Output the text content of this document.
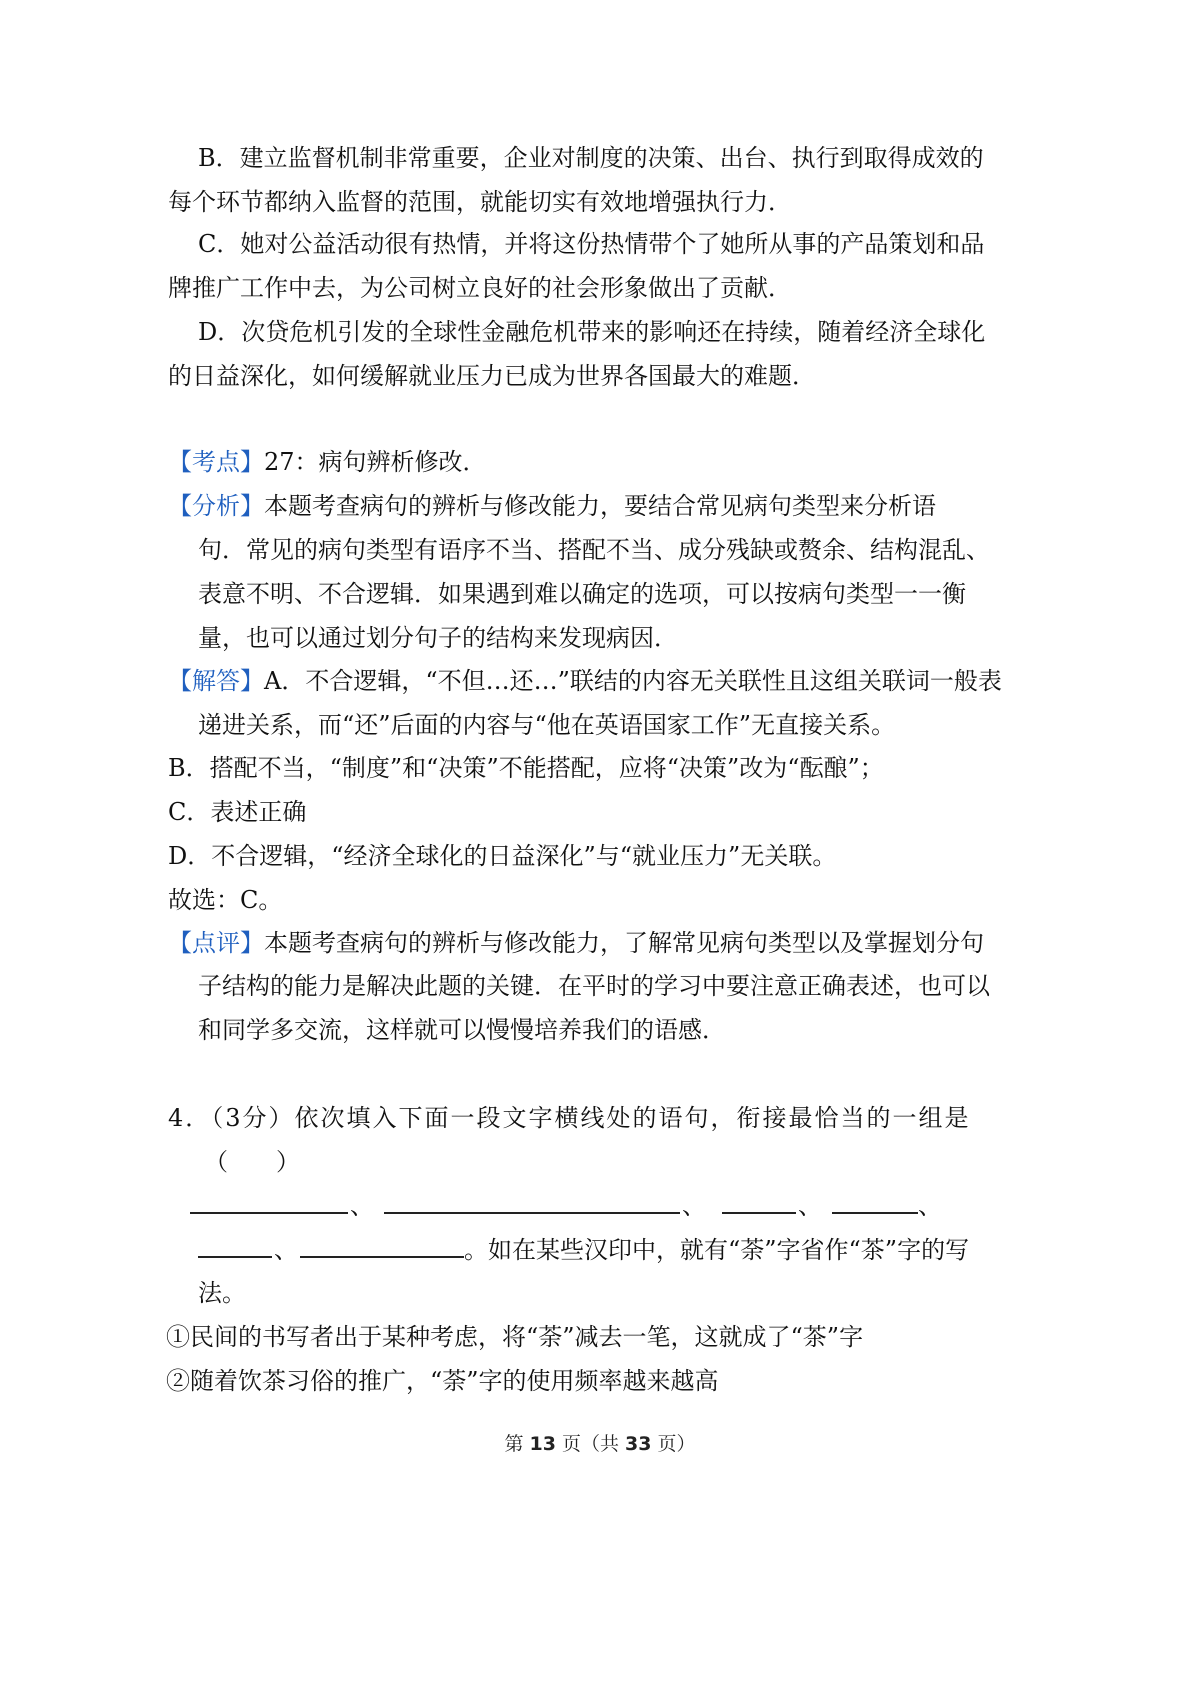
B．建立监督机制非常重要，企业对制度的决策、出台、执行到取得成效的
每个环节都纳入监督的范围，就能切实有效地增强执行力．
C．她对公益活动很有热情，并将这份热情带个了她所从事的产品策划和品
牌推广工作中去，为公司树立良好的社会形象做出了贡献．
D．次贷危机引发的全球性金融危机带来的影响还在持续，随着经济全球化
的日益深化，如何缓解就业压力已成为世界各国最大的难题．
【考点】27：病句辨析修改．
【分析】本题考查病句的辨析与修改能力，要结合常见病句类型来分析语
句．常见的病句类型有语序不当、搭配不当、成分残缺或赘余、结构混乱、
表意不明、不合逻辑．如果遇到难以确定的选项，可以按病句类型一一衡
量，也可以通过划分句子的结构来发现病因．
【解答】A．不合逻辑，“不但…还…”联结的内容无关联性且这组关联词一般表
递进关系，而“还”后面的内容与“他在英语国家工作”无直接关系。
B．搭配不当，“制度”和“决策”不能搭配，应将“决策”改为“酝酿”；
C．表述正确
D．不合逻辑，“经济全球化的日益深化”与“就业压力”无关联。
故选：C。
【点评】本题考查病句的辨析与修改能力，了解常见病句类型以及掌握划分句
子结构的能力是解决此题的关键．在平时的学习中要注意正确表述，也可以
和同学多交流，这样就可以慢慢培养我们的语感．
4．（3分）依次填入下面一段文字横线处的语句，衔接最恰当的一组是
（　　）
、	、	、	、
、	。如在某些汉印中，就有“荼”字省作“茶”字的写
法。
①民间的书写者出于某种考虑，将“荼”减去一笔，这就成了“茶”字
②随着饮茶习俗的推广，“荼”字的使用频率越来越高
第 13 页（共 33 页）
